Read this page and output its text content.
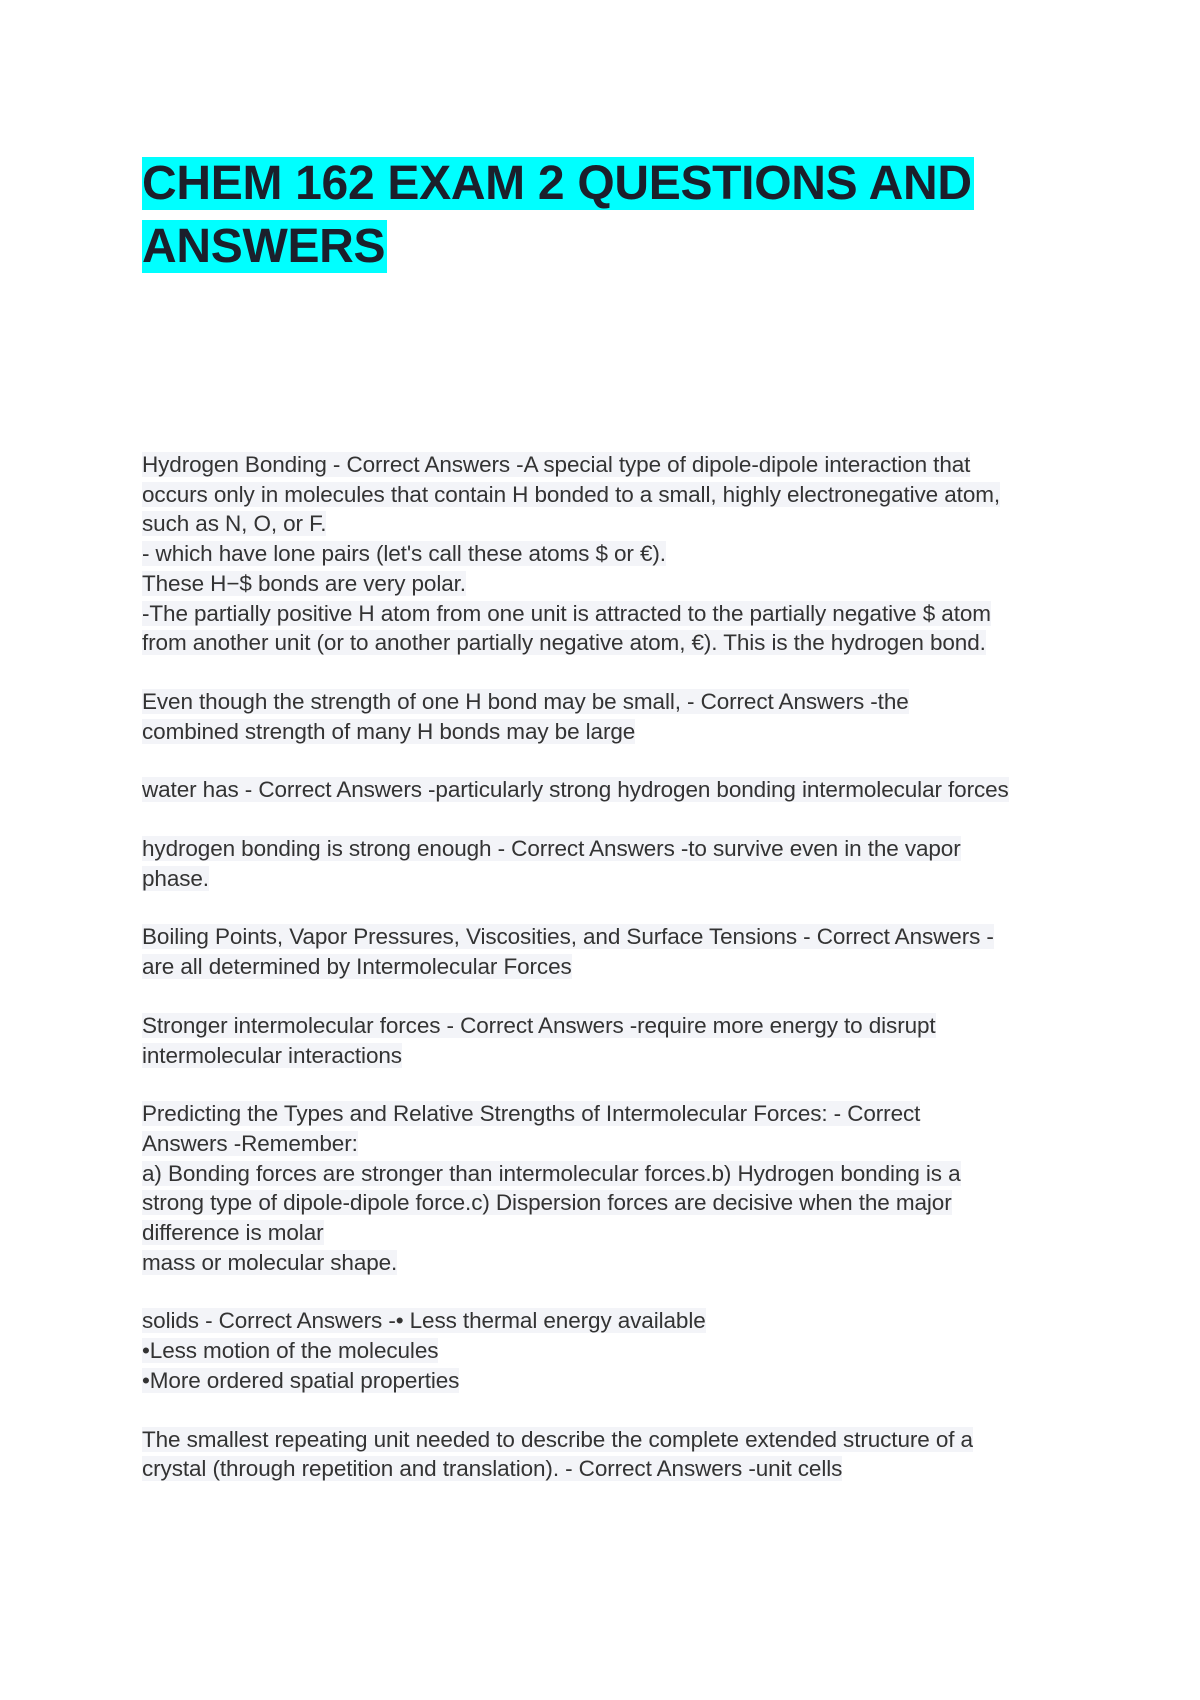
CHEM 162 EXAM 2 QUESTIONS AND
ANSWERS
Hydrogen Bonding - Correct Answers -A special type of dipole-dipole interaction that
occurs only in molecules that contain H bonded to a small, highly electronegative atom,
such as N, O, or F.
- which have lone pairs (let's call these atoms $ or €).
These H−$ bonds are very polar.
-The partially positive H atom from one unit is attracted to the partially negative $ atom
from another unit (or to another partially negative atom, €). This is the hydrogen bond.
Even though the strength of one H bond may be small, - Correct Answers -the
combined strength of many H bonds may be large
water has - Correct Answers -particularly strong hydrogen bonding intermolecular forces
hydrogen bonding is strong enough - Correct Answers -to survive even in the vapor
phase.
Boiling Points, Vapor Pressures, Viscosities, and Surface Tensions - Correct Answers -
are all determined by Intermolecular Forces
Stronger intermolecular forces - Correct Answers -require more energy to disrupt
intermolecular interactions
Predicting the Types and Relative Strengths of Intermolecular Forces: - Correct
Answers -Remember:
a) Bonding forces are stronger than intermolecular forces.b) Hydrogen bonding is a
strong type of dipole-dipole force.c) Dispersion forces are decisive when the major
difference is molar
mass or molecular shape.
solids - Correct Answers -• Less thermal energy available
•Less motion of the molecules
•More ordered spatial properties
The smallest repeating unit needed to describe the complete extended structure of a
crystal (through repetition and translation). - Correct Answers -unit cells
